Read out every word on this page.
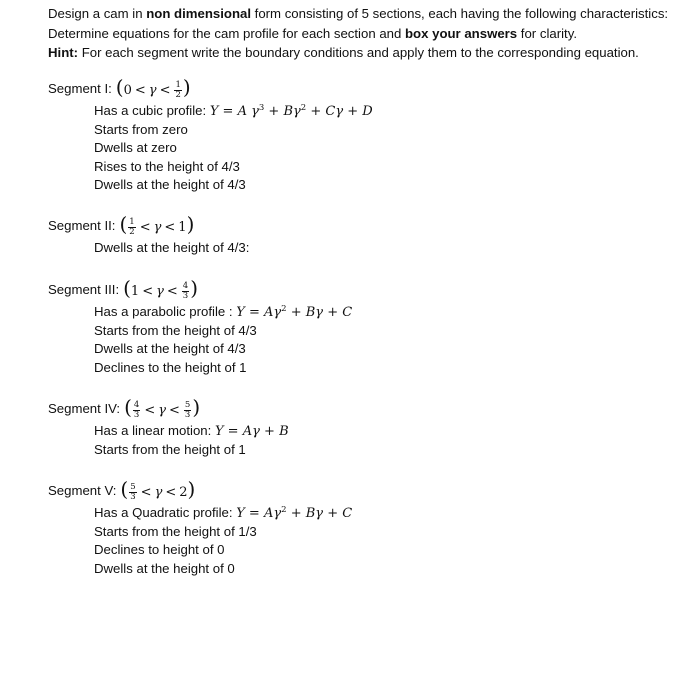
Design a cam in non dimensional form consisting of 5 sections, each having the following characteristics:

Determine equations for the cam profile for each section and box your answers for clarity.

Hint: For each segment write the boundary conditions and apply them to the corresponding equation.

Segment I: ($0 < \gamma < \frac{1}{2}$ )
Has a cubic profile: Y = A $\gamma^3 + B\gamma^2 + C\gamma + D$
Starts from zero
Dwells at zero
Rises to the height of 4/3
Dwells at the height of 4/3
Segment II: ( $\frac{1}{2} < \gamma < 1$)
Dwells at the height of 4/3:
Segment III: ($1 < \gamma < \frac{4}{3}$ )
Has a parabolic profile : $Y = A\gamma^2 + B\gamma + C$
Starts from the height of 4/3
Dwells at the height of 4/3
Declines to the height of 1
Segment IV: ( $\frac{4}{3} < \gamma < \frac{5}{3}$ )
Has a linear motion: Y = Aγ + B
Starts from the height of 1
Segment V: ( $\frac{5}{3} < \gamma < 2$)
Has a Quadratic profile: $Y = A\gamma^2 + B\gamma + C$
Starts from the height of 1/3
Declines to height of 0
Dwells at the height of 0
